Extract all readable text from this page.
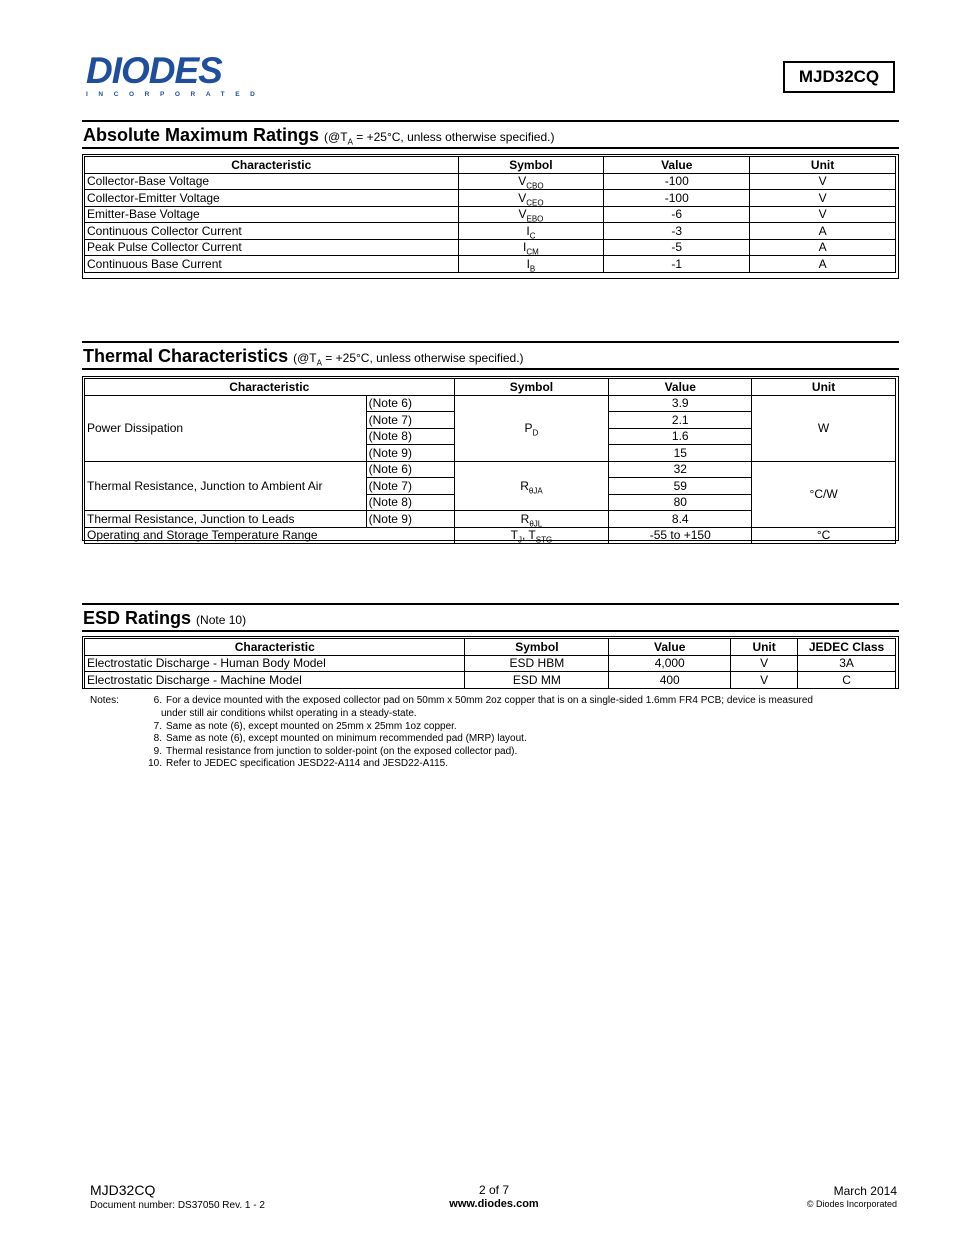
DIODES
INCORPORATED
MJD32CQ
Absolute Maximum Ratings ($@T_A = +25^\circ C$, unless otherwise specified.)
Characteristic	Symbol	Value	Unit
Collector-Base Voltage	$V_{CBO}$	-100	V
Collector-Emitter Voltage	$V_{CEO}$	-100	V
Emitter-Base Voltage	$V_{EBO}$	-6	V
Continuous Collector Current	$I_C$	-3	A
Peak Pulse Collector Current	$I_{CM}$	-5	A
Continuous Base Current	$I_B$	-1	A
Thermal Characteristics ($@T_A = +25^\circ C$, unless otherwise specified.)
Characteristic		Symbol	Value	Unit
Power Dissipation	(Note 6)	$P_D$	3.9	W
	(Note 7)		2.1	
	(Note 8)		1.6	
	(Note 9)		15	
Thermal Resistance, Junction to Ambient Air	(Note 6)	$R_{\theta JA}$	32	°C/W
	(Note 7)		59	
	(Note 8)		80	
Thermal Resistance, Junction to Leads	(Note 9)	$R_{\theta JL}$	8.4	
Operating and Storage Temperature Range		$T_J$, $T_{STG}$	-55 to +150	°C
ESD Ratings (Note 10)
Characteristic	Symbol	Value	Unit	JEDEC Class
Electrostatic Discharge - Human Body Model	ESD HBM	4,000	V	3A
Electrostatic Discharge - Machine Model	ESD MM	400	V	C
Notes:	6. For a device mounted with the exposed collector pad on 50mm x 50mm 2oz copper that is on a single-sided 1.6mm FR4 PCB; device is measured
under still air conditions whilst operating in a steady-state.
7. Same as note (6), except mounted on 25mm x 25mm 1oz copper.
8. Same as note (6), except mounted on minimum recommended pad (MRP) layout.
9. Thermal resistance from junction to solder-point (on the exposed collector pad).
10. Refer to JEDEC specification JESD22-A114 and JESD22-A115.
MJD32CQ
Document number: DS37050 Rev. 1 - 2
2 of 7
www.diodes.com
March 2014
© Diodes Incorporated
